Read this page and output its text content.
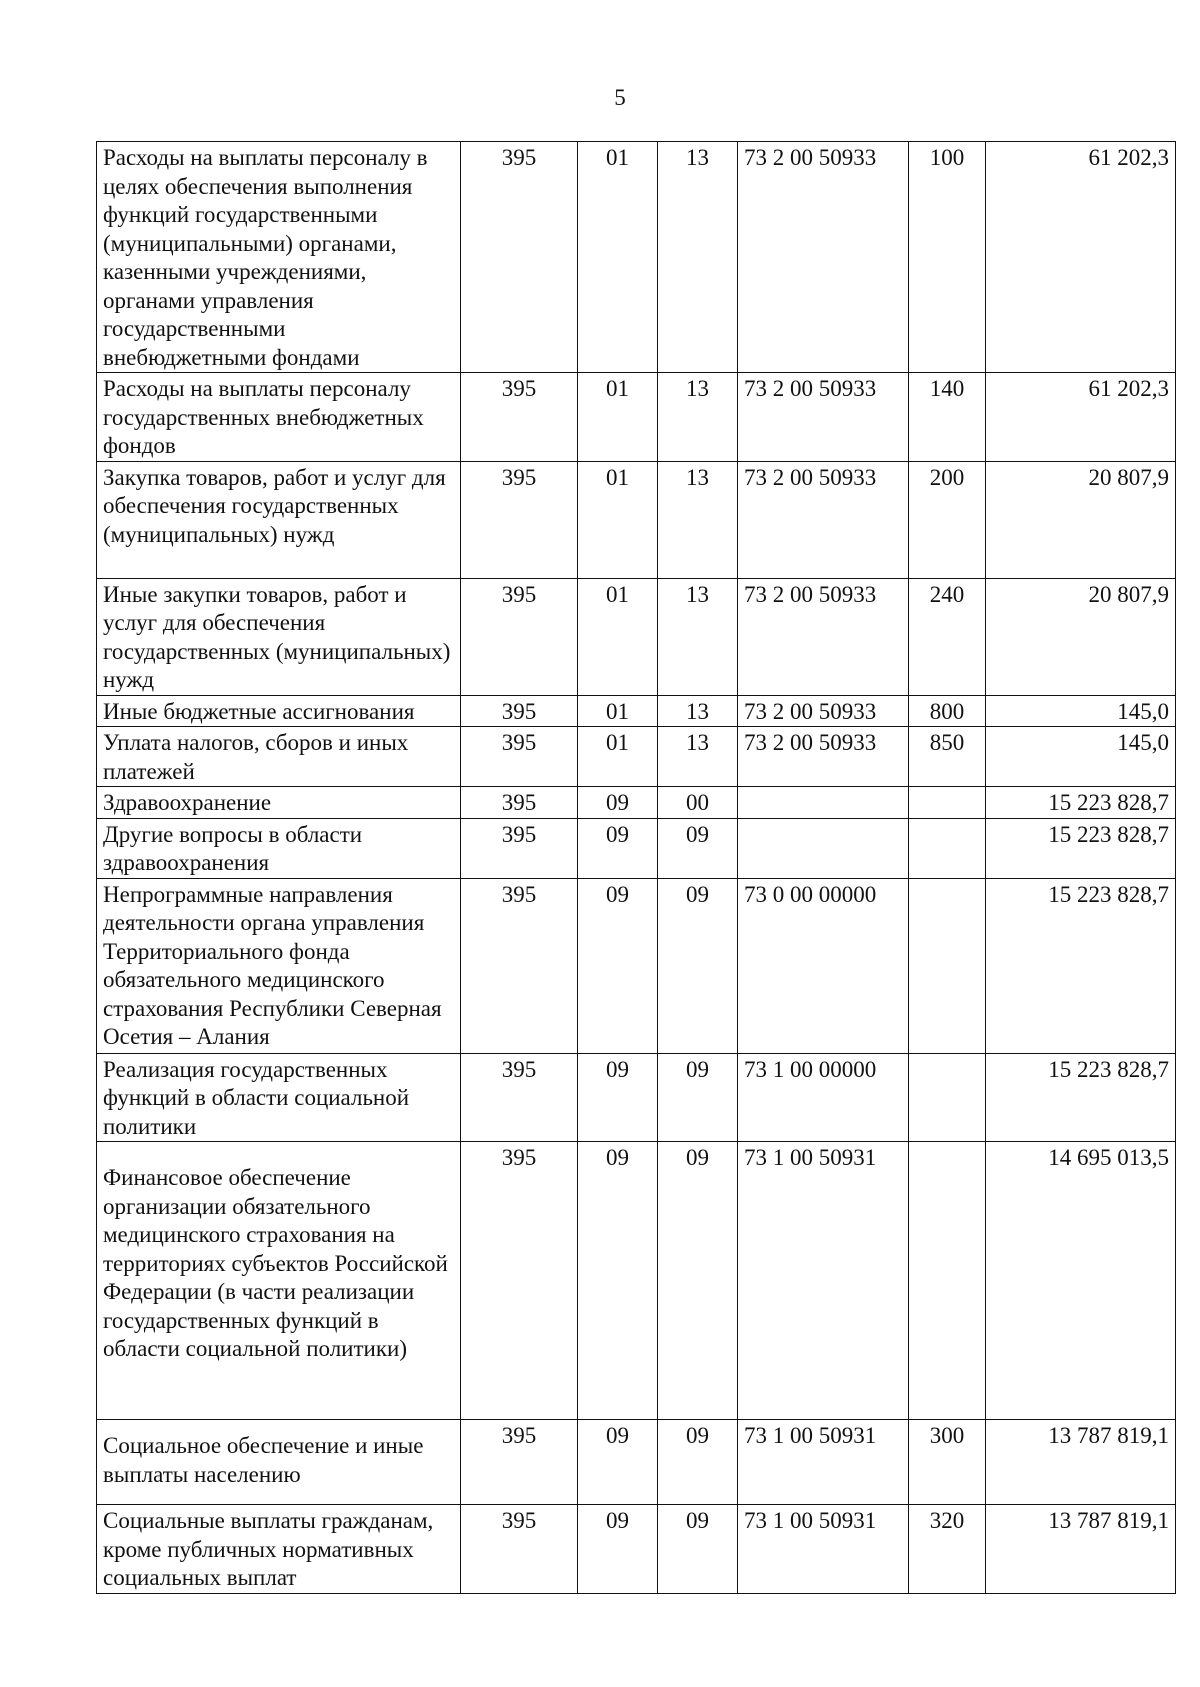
5
Расходы на выплаты персоналу в целях обеспечения выполнения функций государственными (муниципальными) органами, казенными учреждениями, органами управления государственными внебюджетными фондами	395	01	13	73 2 00 50933	100	61 202,3
Расходы на выплаты персоналу государственных внебюджетных фондов	395	01	13	73 2 00 50933	140	61 202,3
Закупка товаров, работ и услуг для обеспечения государственных (муниципальных) нужд	395	01	13	73 2 00 50933	200	20 807,9
Иные закупки товаров, работ и услуг для обеспечения государственных (муниципальных) нужд	395	01	13	73 2 00 50933	240	20 807,9
Иные бюджетные ассигнования	395	01	13	73 2 00 50933	800	145,0
Уплата налогов, сборов и иных платежей	395	01	13	73 2 00 50933	850	145,0
Здравоохранение	395	09	00			15 223 828,7
Другие вопросы в области здравоохранения	395	09	09			15 223 828,7
Непрограммные направления деятельности органа управления Территориального фонда обязательного медицинского страхования Республики Северная Осетия – Алания	395	09	09	73 0 00 00000		15 223 828,7
Реализация государственных функций в области социальной политики	395	09	09	73 1 00 00000		15 223 828,7
Финансовое обеспечение организации обязательного медицинского страхования на территориях субъектов Российской Федерации (в части реализации государственных функций в области социальной политики)	395	09	09	73 1 00 50931		14 695 013,5
Социальное обеспечение и иные выплаты населению	395	09	09	73 1 00 50931	300	13 787 819,1
Социальные выплаты гражданам, кроме публичных нормативных социальных выплат	395	09	09	73 1 00 50931	320	13 787 819,1
